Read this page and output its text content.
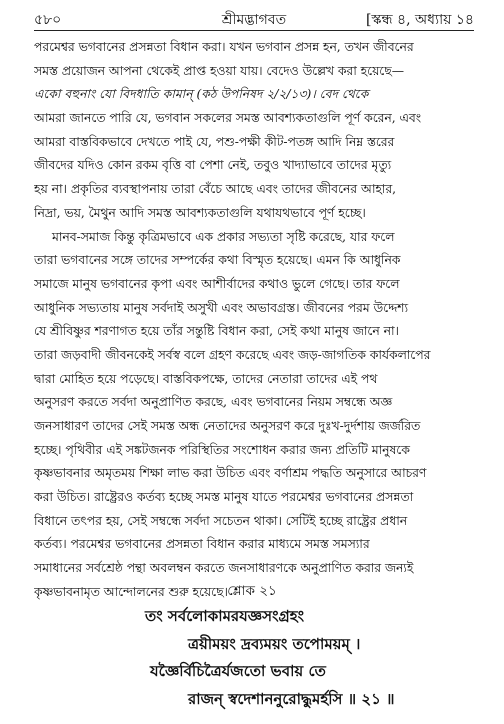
৫৮০	শ্রীমদ্ভাগবত	[স্কন্ধ ৪, অধ্যায় ১৪
পরমেশ্বর ভগবানের প্রসন্নতা বিধান করা। যখন ভগবান প্রসন্ন হন, তখন জীবনের
সমস্ত প্রয়োজন আপনা থেকেই প্রাপ্ত হওয়া যায়। বেদেও উল্লেখ করা হয়েছে—
একো বহুনাং যো বিদধাতি কামান্ (কঠ উপনিষদ ২/২/১৩)। বেদ থেকে
আমরা জানতে পারি যে, ভগবান সকলের সমস্ত আবশ্যকতাগুলি পূর্ণ করেন, এবং
আমরা বাস্তবিকভাবে দেখতে পাই যে, পশু-পক্ষী কীট-পতঙ্গ আদি নিম্ন স্তরের
জীবদের যদিও কোন রকম বৃত্তি বা পেশা নেই, তবুও খাদ্যাভাবে তাদের মৃত্যু
হয় না। প্রকৃতির ব্যবস্থাপনায় তারা বেঁচে আছে এবং তাদের জীবনের আহার,
নিদ্রা, ভয়, মৈথুন আদি সমস্ত আবশ্যকতাগুলি যথাযথভাবে পূর্ণ হচ্ছে।
মানব-সমাজ কিন্তু কৃত্রিমভাবে এক প্রকার সভ্যতা সৃষ্টি করেছে, যার ফলে
তারা ভগবানের সঙ্গে তাদের সম্পর্কের কথা বিস্মৃত হয়েছে। এমন কি আধুনিক
সমাজে মানুষ ভগবানের কৃপা এবং আশীর্বাদের কথাও ভুলে গেছে। তার ফলে
আধুনিক সভ্যতায় মানুষ সর্বদাই অসুখী এবং অভাবগ্রস্ত। জীবনের পরম উদ্দেশ্য
যে শ্রীবিষ্ণুর শরণাগত হয়ে তাঁর সন্তুষ্টি বিধান করা, সেই কথা মানুষ জানে না।
তারা জড়বাদী জীবনকেই সর্বস্ব বলে গ্রহণ করেছে এবং জড়-জাগতিক কার্যকলাপের
দ্বারা মোহিত হয়ে পড়েছে। বাস্তবিকপক্ষে, তাদের নেতারা তাদের এই পথ
অনুসরণ করতে সর্বদা অনুপ্রাণিত করছে, এবং ভগবানের নিয়ম সম্বন্ধে অজ্ঞ
জনসাধারণ তাদের সেই সমস্ত অন্ধ নেতাদের অনুসরণ করে দুঃখ-দুর্দশায় জর্জরিত
হচ্ছে। পৃথিবীর এই সঙ্কটজনক পরিস্থিতির সংশোধন করার জন্য প্রতিটি মানুষকে
কৃষ্ণভাবনার অমৃতময় শিক্ষা লাভ করা উচিত এবং বর্ণাশ্রম পদ্ধতি অনুসারে আচরণ
করা উচিত। রাষ্ট্রেরও কর্তব্য হচ্ছে সমস্ত মানুষ যাতে পরমেশ্বর ভগবানের প্রসন্নতা
বিধানে তৎপর হয়, সেই সম্বন্ধে সর্বদা সচেতন থাকা। সেটিই হচ্ছে রাষ্ট্রের প্রধান
কর্তব্য। পরমেশ্বর ভগবানের প্রসন্নতা বিধান করার মাধ্যমে সমস্ত সমস্যার
সমাধানের সর্বশ্রেষ্ঠ পন্থা অবলম্বন করতে জনসাধারণকে অনুপ্রাণিত করার জন্যই
কৃষ্ণভাবনামৃত আন্দোলনের শুরু হয়েছে। শ্লোক ২১
তং সর্বলোকামরযজ্ঞসংগ্রহং
ত্রয়ীময়ং দ্রব্যময়ং তপোময়ম্ ।
যজ্ঞৈর্বিচিত্রৈর্যজতো ভবায় তে
রাজন্ স্বদেশাননুরোদ্ধুমর্হসি ॥ ২১ ॥
